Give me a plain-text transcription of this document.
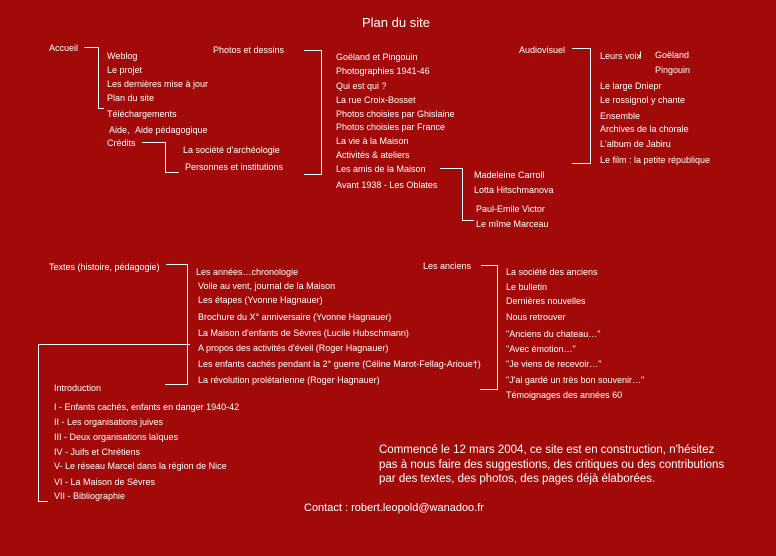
Plan du site
Accueil
Weblog
Le projet
Les dernières mise à jour
Plan du site
Téléchargements
Aide, Aide pédagogique
Crédits
La société d'archéologie
Personnes et institutions
Photos et dessins
Goëland et Pingouin
Photographies 1941-46
Qui est qui ?
La rue Croix-Bosset
Photos choisies par Ghislaine
Photos choisies par France
La vie à la Maison
Activités & ateliers
Les amis de la Maison
Avant 1938 - Les Oblates
Madeleine Carroll
Lotta Hitschmanova
Paul-Emile Victor
Le mîme Marceau
Audiovisuel
Leurs voix Goëland
Pingouin
Le large Dniepr
Le rossignol y chante
Ensemble
Archives de la chorale
L'album de Jabiru
Le film : la petite république
Textes (histoire, pédagogie)	Les années…chronologie
Voile au vent, journal de la Maison
Les étapes (Yvonne Hagnauer)
Brochure du X° anniversaire (Yvonne Hagnauer)
La Maison d'enfants de Sèvres (Lucile Hubschmann)
A propos des activités d'éveil (Roger Hagnauer)
Les enfants cachés pendant la 2° guerre (Céline Marot-Fellag-Arioue†)
La révolution prolétarienne (Roger Hagnauer)
Introduction
I - Enfants cachés, enfants en danger 1940-42
II - Les organisations juives
III - Deux organisations laïques
IV - Juifs et Chrétiens
V- Le réseau Marcel dans la région de Nice
VI - La Maison de Sèvres
VII - Bibliographie
Les anciens
La société des anciens
Le bulletin
Dernières nouvelles
Nous retrouver
"Anciens du chateau…"
"Avec émotion…"
"Je viens de recevoir…"
"J'ai gardé un très bon souvenir…"
Témoignages des années 60
Commencé le 12 mars 2004, ce site est en construction, n'hésitez
pas à nous faire des suggestions, des critiques ou des contributions
par des textes, des photos, des pages déjà élaborées.
Contact : robert.leopold@wanadoo.fr
